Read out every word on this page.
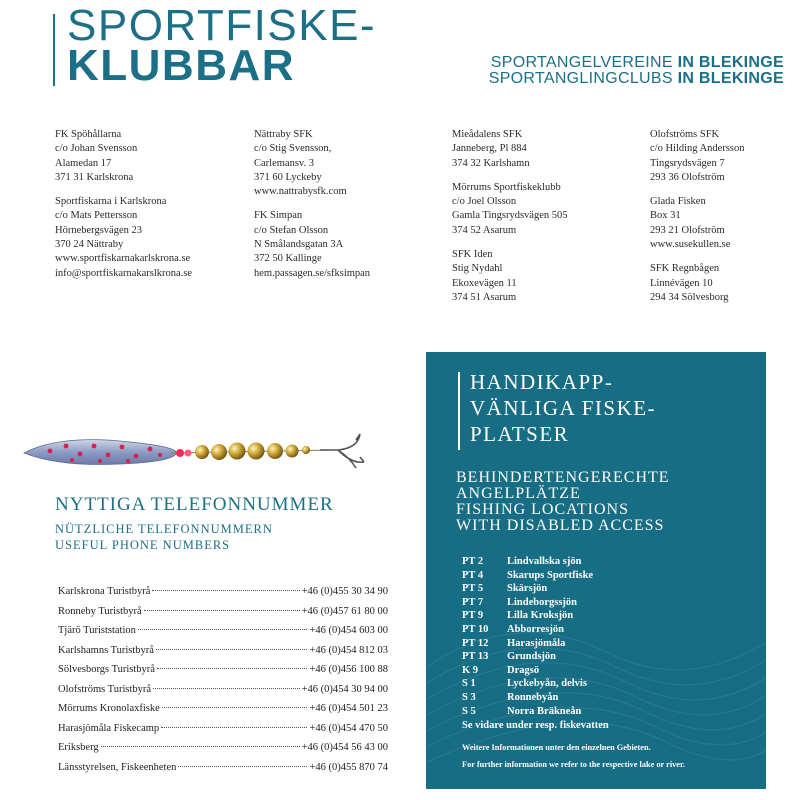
SPORTFISKE-
KLUBBAR	SPORTANGELVEREINE IN BLEKINGE
SPORTANGLINGCLUBS IN BLEKINGE
FK Spöhållarna
c/o Johan Svensson
Alamedan 17
371 31 Karlskrona
Sportfiskarna i Karlskrona
c/o Mats Pettersson
Hörnebergsvägen 23
370 24 Nättraby
www.sportfiskarnakarlskrona.se
info@sportfiskarnakarslkrona.se
Nättraby SFK
c/o Stig Svensson,
Carlemansv. 3
371 60 Lyckeby
www.nattrabysfk.com
FK Simpan
c/o Stefan Olsson
N Smålandsgatan 3A
372 50 Kallinge
hem.passagen.se/sfksimpan
Mieådalens SFK
Janneberg, Pl 884
374 32 Karlshamn
Mörrums Sportfiskeklubb
c/o Joel Olsson
Gamla Tingsrydsvägen 505
374 52 Asarum
SFK Iden
Stig Nydahl
Ekoxevägen 11
374 51 Asarum
Olofströms SFK
c/o Hilding Andersson
Tingsrydsvägen 7
293 36 Olofström
Glada Fisken
Box 31
293 21 Olofström
www.susekullen.se
SFK Regnbågen
Linnévägen 10
294 34 Sölvesborg
NYTTIGA TELEFONNUMMER
NÜTZLICHE TELEFONNUMMERN
USEFUL PHONE NUMBERS
Karlskrona Turistbyrå	+46 (0)455 30 34 90
Ronneby Turistbyrå	+46 (0)457 61 80 00
Tjärö Turiststation	+46 (0)454 603 00
Karlshamns Turistbyrå	+46 (0)454 812 03
Sölvesborgs Turistbyrå	+46 (0)456 100 88
Olofströms Turistbyrå	+46 (0)454 30 94 00
Mörrums Kronolaxfiske	+46 (0)454 501 23
Harasjömåla Fiskecamp	+46 (0)454 470 50
Eriksberg	+46 (0)454 56 43 00
Länsstyrelsen, Fiskeenheten	+46 (0)455 870 74
HANDIKAPP-
VÄNLIGA FISKE-
PLATSER
BEHINDERTENGERECHTE
ANGELPLÄTZE
FISHING LOCATIONS
WITH DISABLED ACCESS
PT 2	Lindvallska sjön
PT 4	Skarups Sportfiske
PT 5	Skärsjön
PT 7	Lindeborgssjön
PT 9	Lilla Kroksjön
PT 10	Abborresjön
PT 12	Harasjömåla
PT 13	Grundsjön
K 9	Dragsö
S 1	Lyckebyån, delvis
S 3	Ronnebyån
S 5	Norra Bräkneån
Se vidare under resp. fiskevatten
Weitere Informationen unter den einzelnen Gebieten.
For further information we refer to the respective lake or river.
